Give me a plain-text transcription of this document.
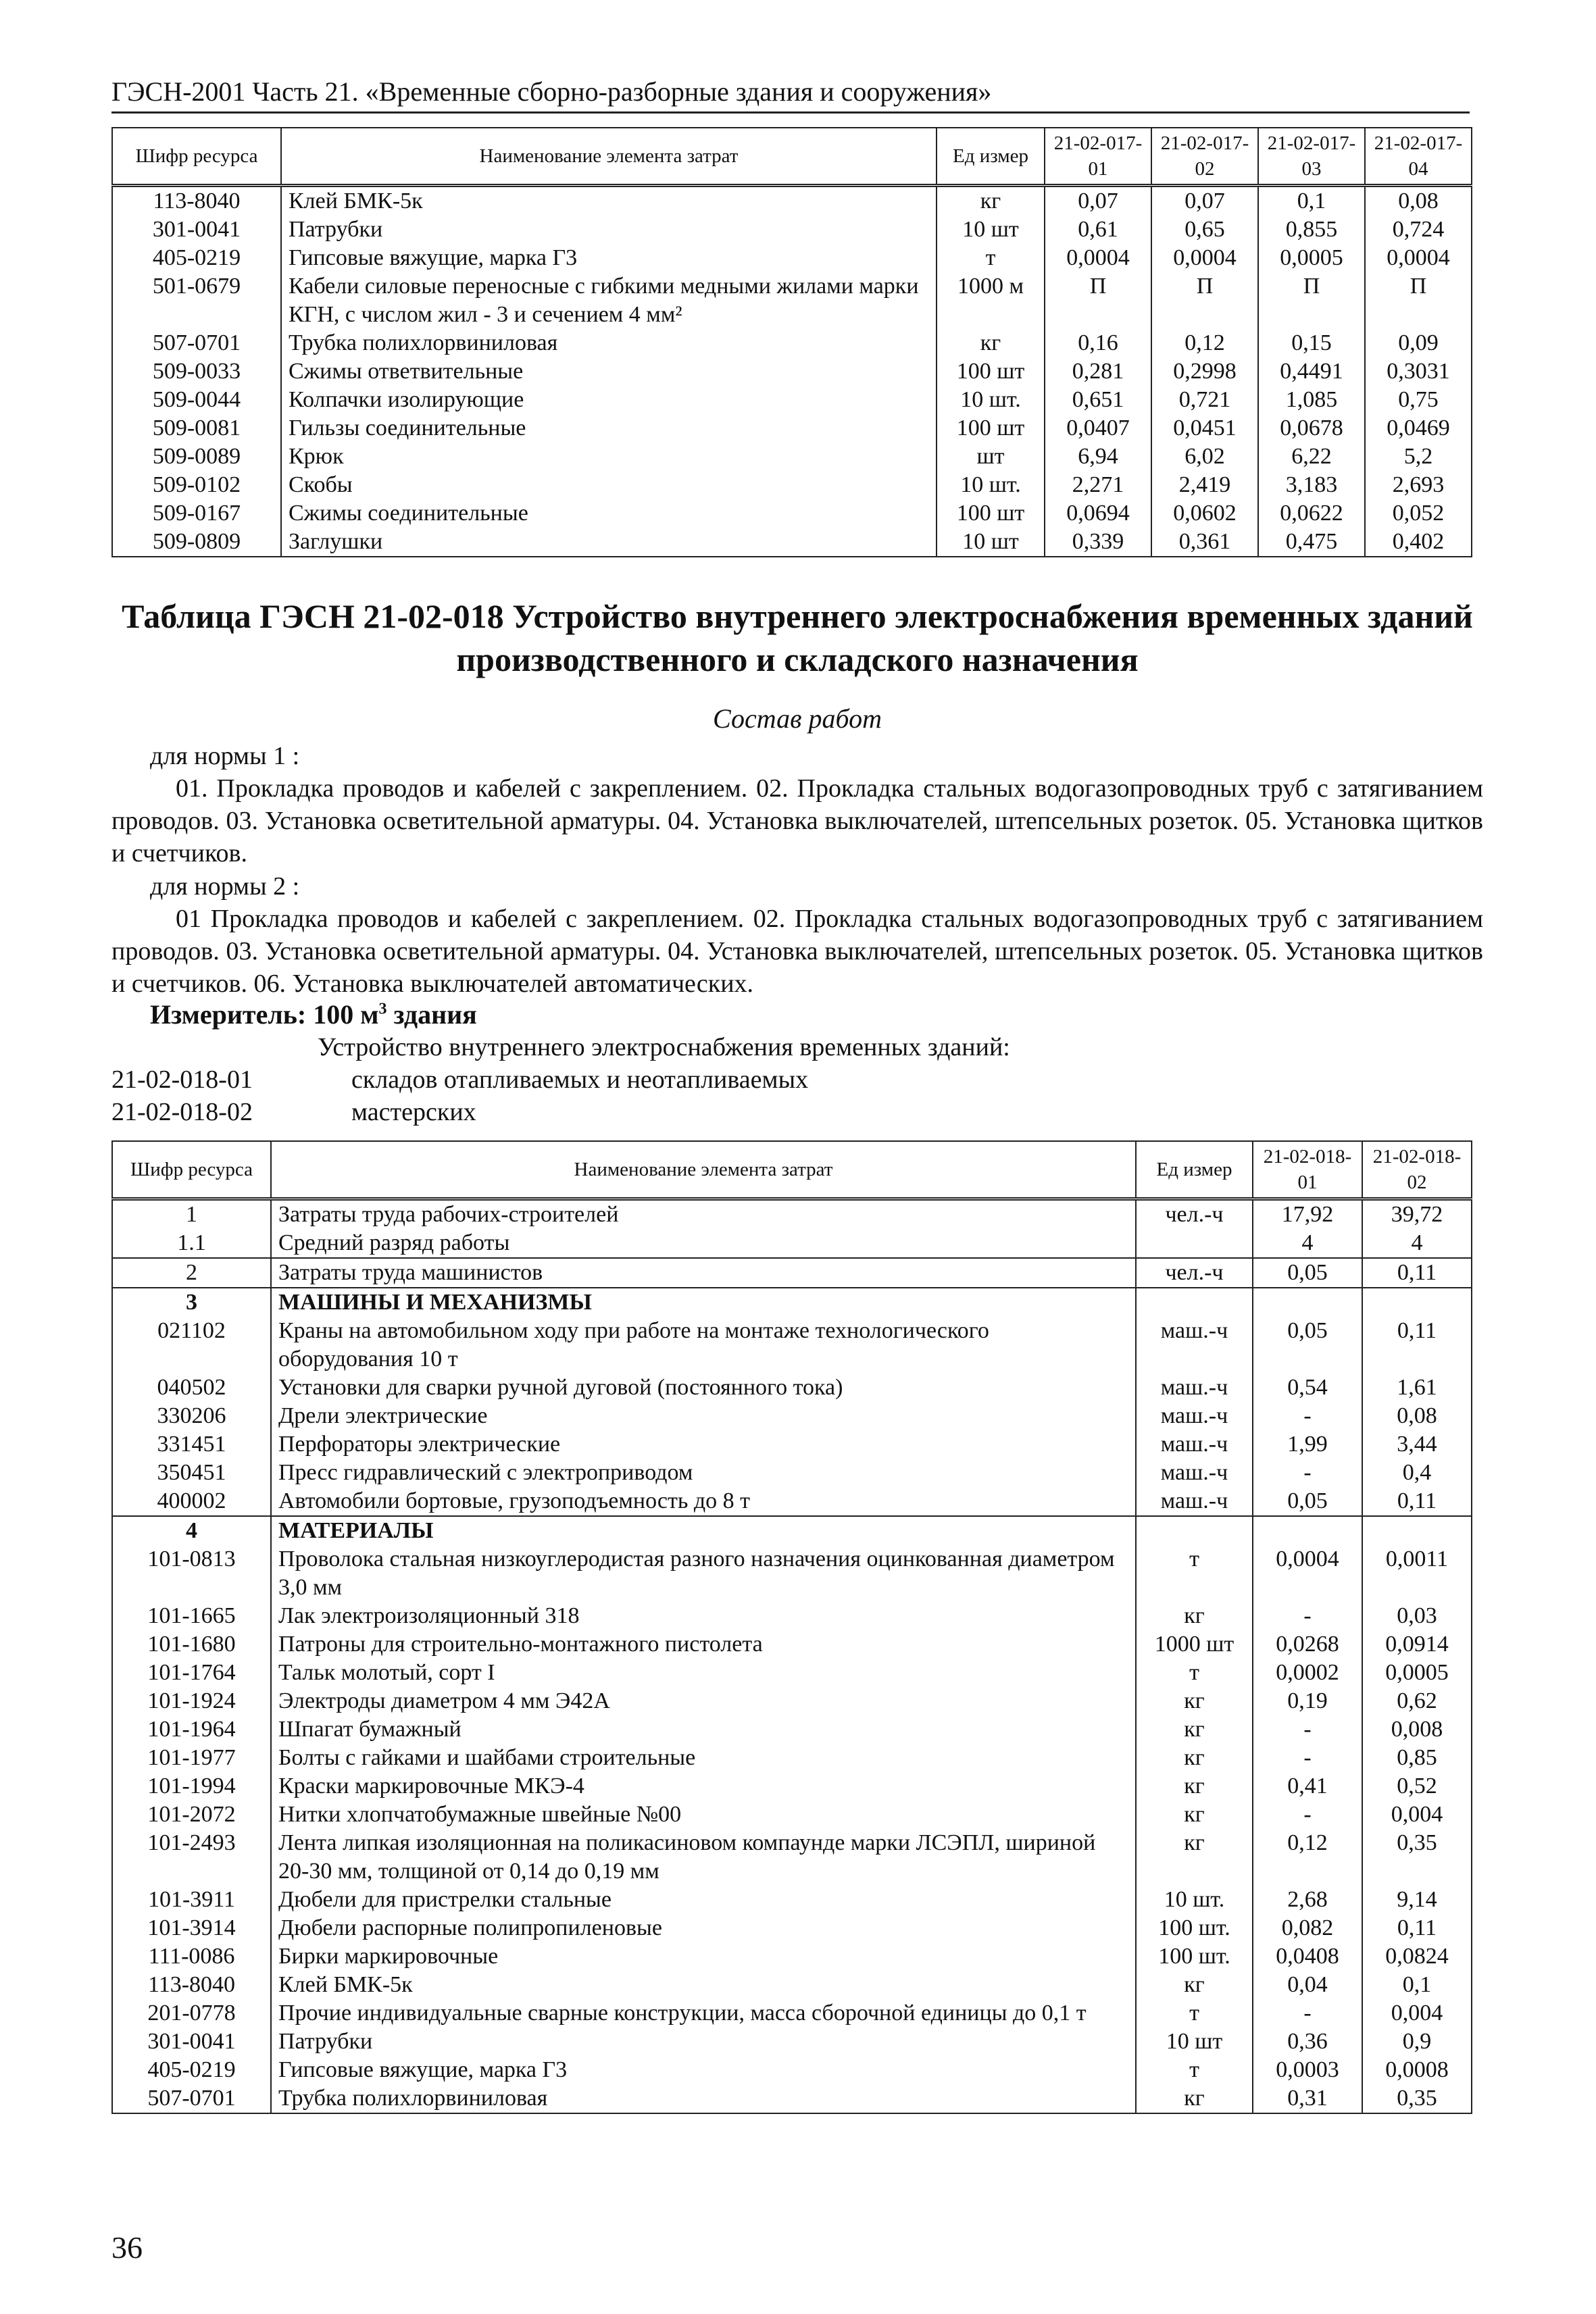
ГЭСН-2001 Часть 21. «Временные сборно-разборные здания и сооружения»
Шифр ресурса	Наименование элемента затрат	Ед измер	21-02-017-01	21-02-017-02	21-02-017-03	21-02-017-04
113-8040	Клей БМК-5к	кг	0,07	0,07	0,1	0,08
301-0041	Патрубки	10 шт	0,61	0,65	0,855	0,724
405-0219	Гипсовые вяжущие, марка Г3	т	0,0004	0,0004	0,0005	0,0004
501-0679	Кабели силовые переносные с гибкими медными жилами марки КГН, с числом жил - 3 и сечением 4 мм²	1000 м	П	П	П	П
507-0701	Трубка полихлорвиниловая	кг	0,16	0,12	0,15	0,09
509-0033	Сжимы ответвительные	100 шт	0,281	0,2998	0,4491	0,3031
509-0044	Колпачки изолирующие	10 шт.	0,651	0,721	1,085	0,75
509-0081	Гильзы соединительные	100 шт	0,0407	0,0451	0,0678	0,0469
509-0089	Крюк	шт	6,94	6,02	6,22	5,2
509-0102	Скобы	10 шт.	2,271	2,419	3,183	2,693
509-0167	Сжимы соединительные	100 шт	0,0694	0,0602	0,0622	0,052
509-0809	Заглушки	10 шт	0,339	0,361	0,475	0,402
Таблица ГЭСН 21-02-018 Устройство внутреннего электроснабжения временных зданий
производственного и складского назначения
Состав работ
для нормы 1 :
01. Прокладка проводов и кабелей с закреплением. 02. Прокладка стальных водогазопроводных труб с затягиванием проводов. 03. Установка осветительной арматуры. 04. Установка выключателей, штепсельных розеток. 05. Установка щитков и счетчиков.
для нормы 2 :
01 Прокладка проводов и кабелей с закреплением. 02. Прокладка стальных водогазопроводных труб с затягиванием проводов. 03. Установка осветительной арматуры. 04. Установка выключателей, штепсельных розеток. 05. Установка щитков и счетчиков. 06. Установка выключателей автоматических.
Измеритель: 100 $м^3$ здания
Устройство внутреннего электроснабжения временных зданий:
21-02-018-01	складов отапливаемых и неотапливаемых
21-02-018-02	мастерских
Шифр ресурса	Наименование элемента затрат	Ед измер	21-02-018-01	21-02-018-02
1	Затраты труда рабочих-строителей	чел.-ч	17,92	39,72
1.1	Средний разряд работы		4	4
2	Затраты труда машинистов	чел.-ч	0,05	0,11
3	МАШИНЫ И МЕХАНИЗМЫ			
021102	Краны на автомобильном ходу при работе на монтаже технологического оборудования 10 т	маш.-ч	0,05	0,11
040502	Установки для сварки ручной дуговой (постоянного тока)	маш.-ч	0,54	1,61
330206	Дрели электрические	маш.-ч	-	0,08
331451	Перфораторы электрические	маш.-ч	1,99	3,44
350451	Пресс гидравлический с электроприводом	маш.-ч	-	0,4
400002	Автомобили бортовые, грузоподъемность до 8 т	маш.-ч	0,05	0,11
4	МАТЕРИАЛЫ			
101-0813	Проволока стальная низкоуглеродистая разного назначения оцинкованная диаметром 3,0 мм	т	0,0004	0,0011
101-1665	Лак электроизоляционный 318	кг	-	0,03
101-1680	Патроны для строительно-монтажного пистолета	1000 шт	0,0268	0,0914
101-1764	Тальк молотый, сорт I	т	0,0002	0,0005
101-1924	Электроды диаметром 4 мм Э42А	кг	0,19	0,62
101-1964	Шпагат бумажный	кг	-	0,008
101-1977	Болты с гайками и шайбами строительные	кг	-	0,85
101-1994	Краски маркировочные МКЭ-4	кг	0,41	0,52
101-2072	Нитки хлопчатобумажные швейные №00	кг	-	0,004
101-2493	Лента липкая изоляционная на поликасиновом компаунде марки ЛСЭПЛ, шириной 20-30 мм, толщиной от 0,14 до 0,19 мм	кг	0,12	0,35
101-3911	Дюбели для пристрелки стальные	10 шт.	2,68	9,14
101-3914	Дюбели распорные полипропиленовые	100 шт.	0,082	0,11
111-0086	Бирки маркировочные	100 шт.	0,0408	0,0824
113-8040	Клей БМК-5к	кг	0,04	0,1
201-0778	Прочие индивидуальные сварные конструкции, масса сборочной единицы до 0,1 т	т	-	0,004
301-0041	Патрубки	10 шт	0,36	0,9
405-0219	Гипсовые вяжущие, марка Г3	т	0,0003	0,0008
507-0701	Трубка полихлорвиниловая	кг	0,31	0,35
36
